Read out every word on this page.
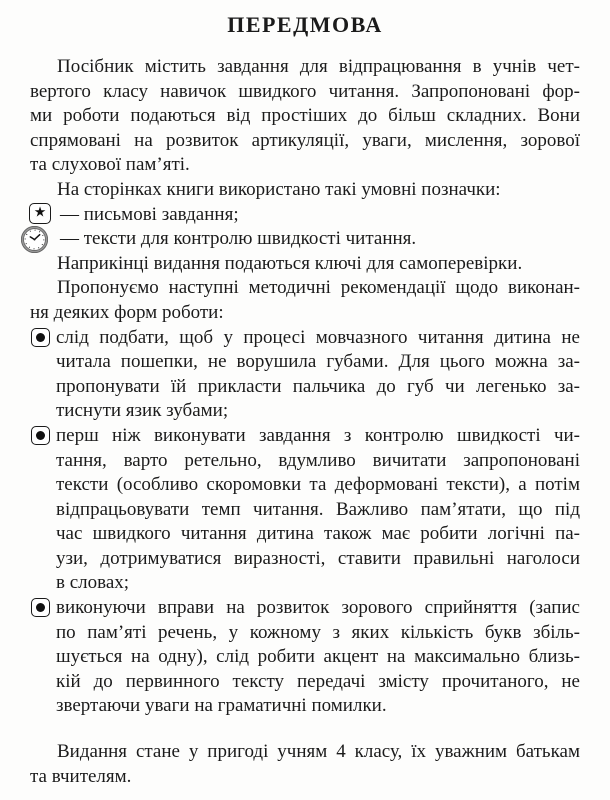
ПЕРЕДМОВА
Посібник містить завдання для відпрацювання в учнів чет-
вертого класу навичок швидкого читання. Запропоновані фор-
ми роботи подаються від простіших до більш складних. Вони
спрямовані на розвиток артикуляції, уваги, мислення, зорової
та слухової пам’яті.
На сторінках книги використано такі умовні позначки:
★ — письмові завдання;
— тексти для контролю швидкості читання.
Наприкінці видання подаються ключі для самоперевірки.
Пропонуємо наступні методичні рекомендації щодо виконан-
ня деяких форм роботи:
слід подбати, щоб у процесі мовчазного читання дитина не
читала пошепки, не ворушила губами. Для цього можна за-
пропонувати їй прикласти пальчика до губ чи легенько за-
тиснути язик зубами;
перш ніж виконувати завдання з контролю швидкості чи-
тання, варто ретельно, вдумливо вичитати запропоновані
тексти (особливо скоромовки та деформовані тексти), а потім
відпрацьовувати темп читання. Важливо пам’ятати, що під
час швидкого читання дитина також має робити логічні па-
узи, дотримуватися виразності, ставити правильні наголоси
в словах;
виконуючи вправи на розвиток зорового сприйняття (запис
по пам’яті речень, у кожному з яких кількість букв збіль-
шується на одну), слід робити акцент на максимально близь-
кій до первинного тексту передачі змісту прочитаного, не
звертаючи уваги на граматичні помилки.
Видання стане у пригоді учням 4 класу, їх уважним батькам
та вчителям.
